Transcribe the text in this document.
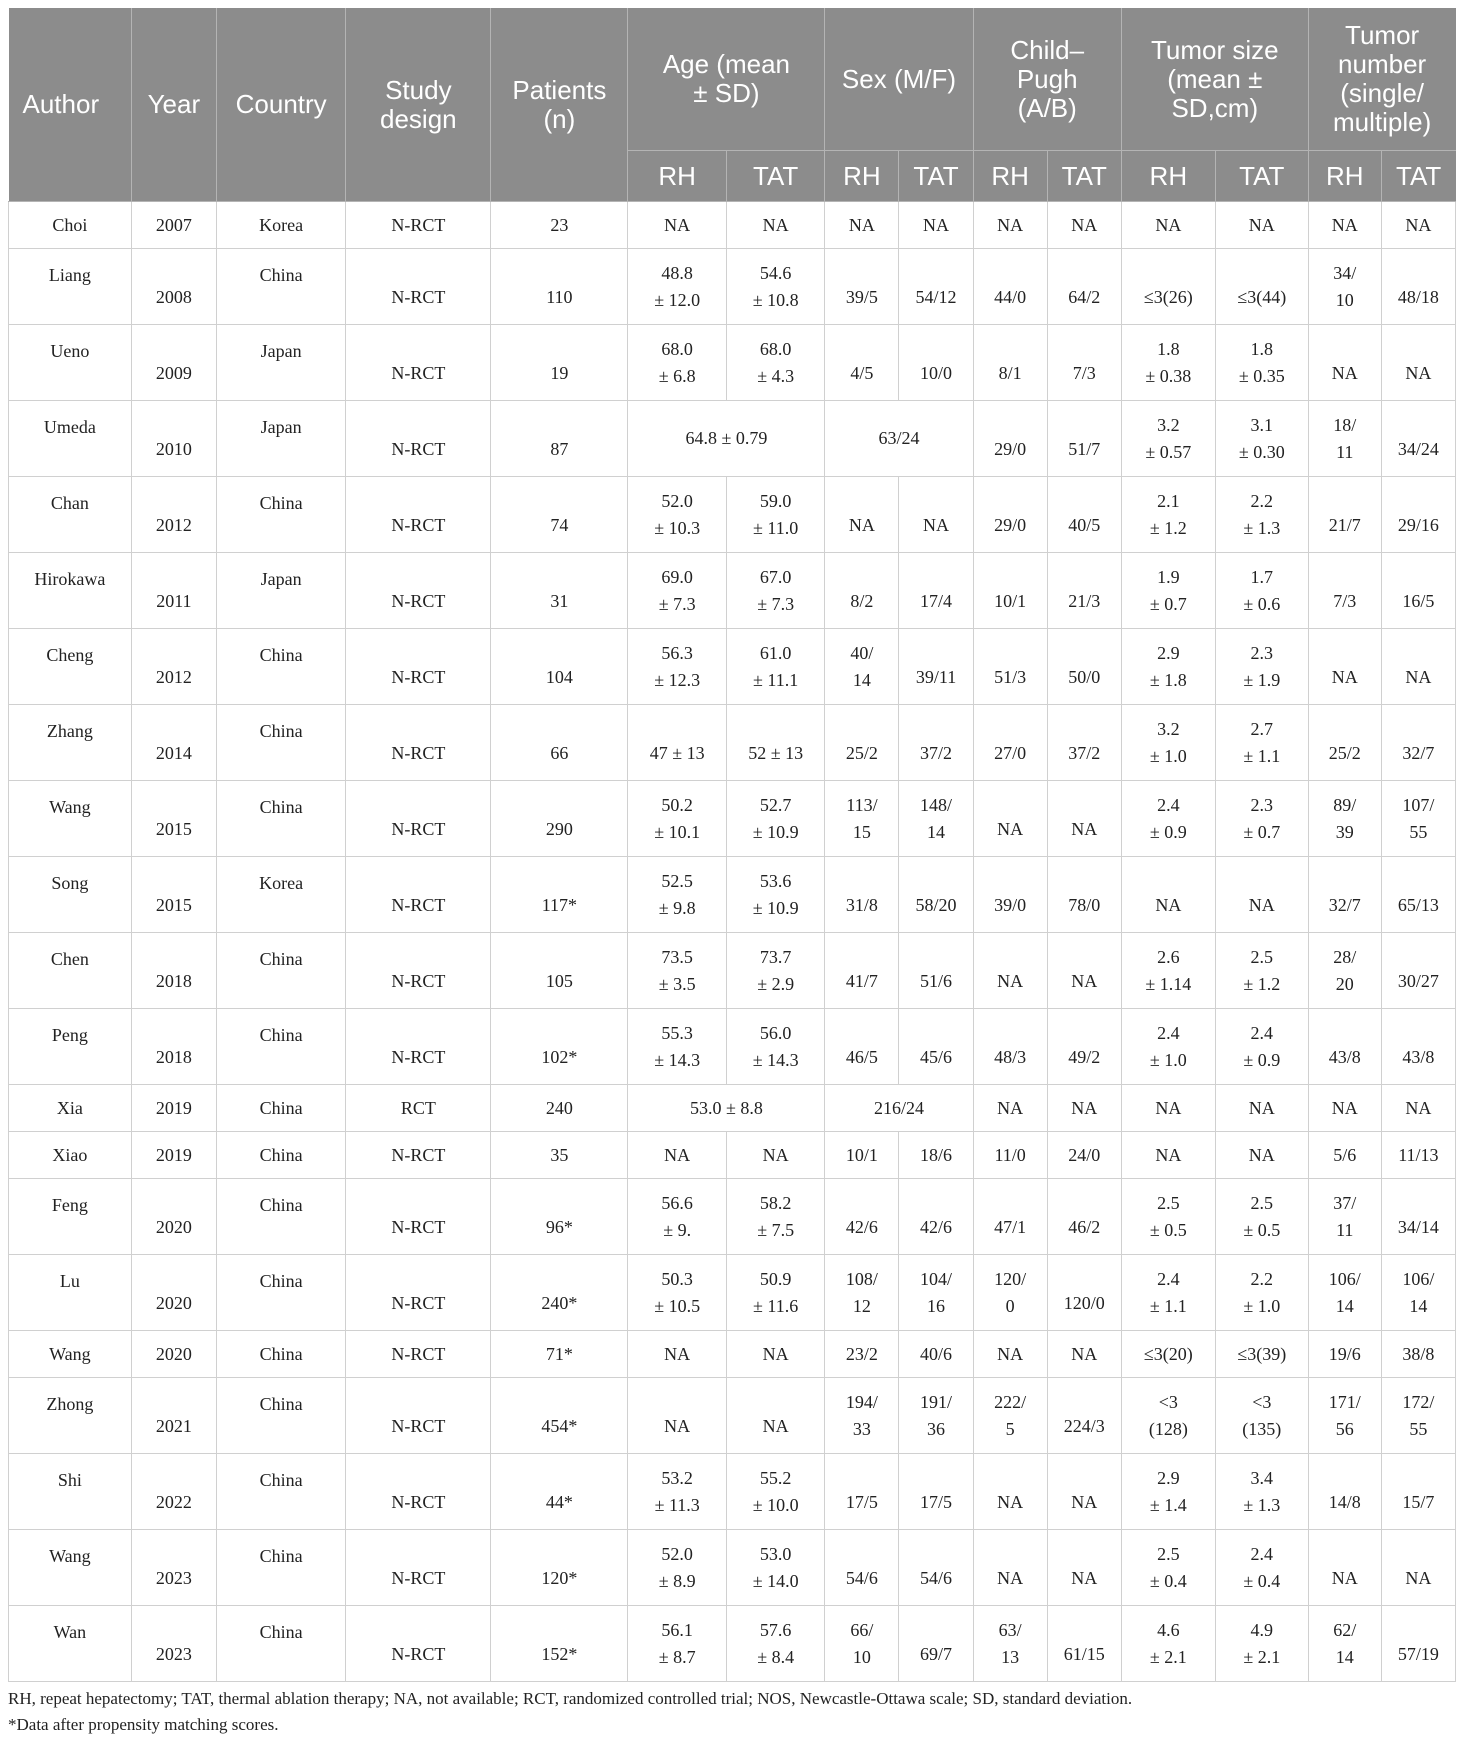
Author	Year	Country	Study
design	Patients
(n)	Age (mean
± SD)		Sex (M/F)		Child–
Pugh
(A/B)		Tumor size
(mean ±
SD,cm)		Tumor
number
(single/
multiple)	

					RH	TAT	RH	TAT	RH	TAT	RH	TAT	RH	TAT

Choi	2007	Korea	N-RCT	23	NA	NA	NA	NA	NA	NA	NA	NA	NA	NA

Liang	2008	China	N-RCT	110	48.8
± 12.0	54.6
± 10.8	39/5	54/12	44/0	64/2	≤3(26)	≤3(44)	34/
10	48/18

Ueno	2009	Japan	N-RCT	19	68.0
± 6.8	68.0
± 4.3	4/5	10/0	8/1	7/3	1.8
± 0.38	1.8
± 0.35	NA	NA

Umeda	2010	Japan	N-RCT	87	64.8 ± 0.79		63/24		29/0	51/7	3.2
± 0.57	3.1
± 0.30	18/
11	34/24

Chan	2012	China	N-RCT	74	52.0
± 10.3	59.0
± 11.0	NA	NA	29/0	40/5	2.1
± 1.2	2.2
± 1.3	21/7	29/16

Hirokawa	2011	Japan	N-RCT	31	69.0
± 7.3	67.0
± 7.3	8/2	17/4	10/1	21/3	1.9
± 0.7	1.7
± 0.6	7/3	16/5

Cheng	2012	China	N-RCT	104	56.3
± 12.3	61.0
± 11.1	40/
14	39/11	51/3	50/0	2.9
± 1.8	2.3
± 1.9	NA	NA

Zhang	2014	China	N-RCT	66	47 ± 13	52 ± 13	25/2	37/2	27/0	37/2	3.2
± 1.0	2.7
± 1.1	25/2	32/7

Wang	2015	China	N-RCT	290	50.2
± 10.1	52.7
± 10.9	113/
15	148/
14	NA	NA	2.4
± 0.9	2.3
± 0.7	89/
39	107/
55

Song	2015	Korea	N-RCT	117*	52.5
± 9.8	53.6
± 10.9	31/8	58/20	39/0	78/0	NA	NA	32/7	65/13

Chen	2018	China	N-RCT	105	73.5
± 3.5	73.7
± 2.9	41/7	51/6	NA	NA	2.6
± 1.14	2.5
± 1.2	28/
20	30/27

Peng	2018	China	N-RCT	102*	55.3
± 14.3	56.0
± 14.3	46/5	45/6	48/3	49/2	2.4
± 1.0	2.4
± 0.9	43/8	43/8

Xia	2019	China	RCT	240	53.0 ± 8.8		216/24		NA	NA	NA	NA	NA	NA

Xiao	2019	China	N-RCT	35	NA	NA	10/1	18/6	11/0	24/0	NA	NA	5/6	11/13

Feng	2020	China	N-RCT	96*	56.6
± 9.	58.2
± 7.5	42/6	42/6	47/1	46/2	2.5
± 0.5	2.5
± 0.5	37/
11	34/14

Lu	2020	China	N-RCT	240*	50.3
± 10.5	50.9
± 11.6	108/
12	104/
16	120/
0	120/0	2.4
± 1.1	2.2
± 1.0	106/
14	106/
14

Wang	2020	China	N-RCT	71*	NA	NA	23/2	40/6	NA	NA	≤3(20)	≤3(39)	19/6	38/8

Zhong	2021	China	N-RCT	454*	NA	NA	194/
33	191/
36	222/
5	224/3	<3
(128)	<3
(135)	171/
56	172/
55

Shi	2022	China	N-RCT	44*	53.2
± 11.3	55.2
± 10.0	17/5	17/5	NA	NA	2.9
± 1.4	3.4
± 1.3	14/8	15/7

Wang	2023	China	N-RCT	120*	52.0
± 8.9	53.0
± 14.0	54/6	54/6	NA	NA	2.5
± 0.4	2.4
± 0.4	NA	NA

Wan	2023	China	N-RCT	152*	56.1
± 8.7	57.6
± 8.4	66/
10	69/7	63/
13	61/15	4.6
± 2.1	4.9
± 2.1	62/
14	57/19
RH, repeat hepatectomy; TAT, thermal ablation therapy; NA, not available; RCT, randomized controlled trial; NOS, Newcastle-Ottawa scale; SD, standard deviation.
*Data after propensity matching scores.
